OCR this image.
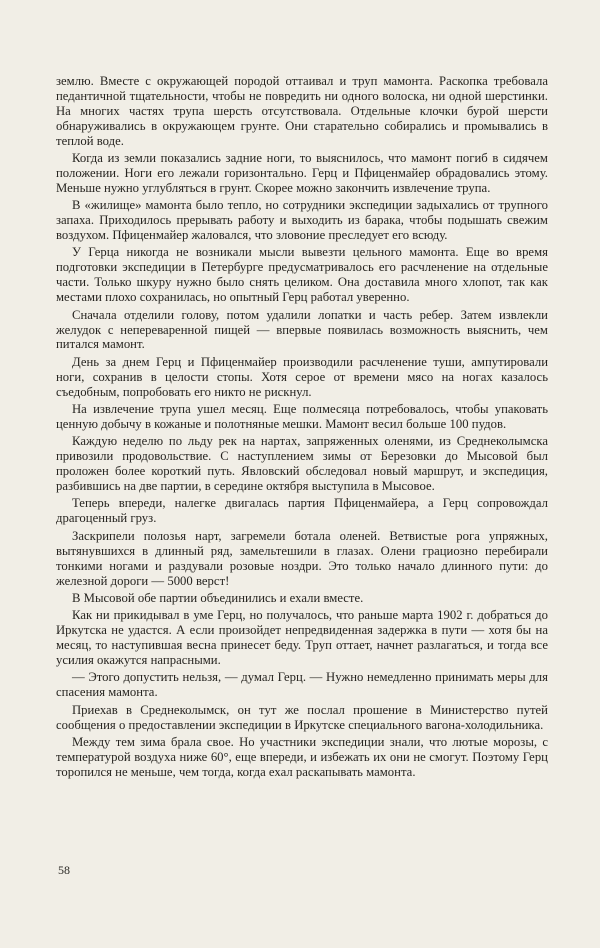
землю. Вместе с окружающей породой оттаивал и труп мамонта. Раскопка требовала педантичной тщательности, чтобы не повредить ни одного волоска, ни одной шерстинки. На многих частях трупа шерсть отсутствовала. Отдельные клочки бурой шерсти обнаруживались в окружающем грунте. Они старательно собирались и промывались в теплой воде.

Когда из земли показались задние ноги, то выяснилось, что мамонт погиб в сидячем положении. Ноги его лежали горизонтально. Герц и Пфиценмайер обрадовались этому. Меньше нужно углубляться в грунт. Скорее можно закончить извлечение трупа.

В «жилище» мамонта было тепло, но сотрудники экспедиции задыхались от трупного запаха. Приходилось прерывать работу и выходить из барака, чтобы подышать свежим воздухом. Пфиценмайер жаловался, что зловоние преследует его всюду.

У Герца никогда не возникали мысли вывезти цельного мамонта. Еще во время подготовки экспедиции в Петербурге предусматривалось его расчленение на отдельные части. Только шкуру нужно было снять целиком. Она доставила много хлопот, так как местами плохо сохранилась, но опытный Герц работал уверенно.

Сначала отделили голову, потом удалили лопатки и часть ребер. Затем извлекли желудок с непереваренной пищей — впервые появилась возможность выяснить, чем питался мамонт.

День за днем Герц и Пфиценмайер производили расчленение туши, ампутировали ноги, сохранив в целости стопы. Хотя серое от времени мясо на ногах казалось съедобным, попробовать его никто не рискнул.

На извлечение трупа ушел месяц. Еще полмесяца потребовалось, чтобы упаковать ценную добычу в кожаные и полотняные мешки. Мамонт весил больше 100 пудов.

Каждую неделю по льду рек на нартах, запряженных оленями, из Среднеколымска привозили продовольствие. С наступлением зимы от Березовки до Мысовой был проложен более короткий путь. Явловский обследовал новый маршрут, и экспедиция, разбившись на две партии, в середине октября выступила в Мысовое.

Теперь впереди, налегке двигалась партия Пфиценмайера, а Герц сопровождал драгоценный груз.

Заскрипели полозья нарт, загремели ботала оленей. Ветвистые рога упряжных, вытянувшихся в длинный ряд, замельтешили в глазах. Олени грациозно перебирали тонкими ногами и раздували розовые ноздри. Это только начало длинного пути: до железной дороги — 5000 верст!

В Мысовой обе партии объединились и ехали вместе.

Как ни прикидывал в уме Герц, но получалось, что раньше марта 1902 г. добраться до Иркутска не удастся. А если произойдет непредвиденная задержка в пути — хотя бы на месяц, то наступившая весна принесет беду. Труп оттает, начнет разлагаться, и тогда все усилия окажутся напрасными.

— Этого допустить нельзя, — думал Герц. — Нужно немедленно принимать меры для спасения мамонта.

Приехав в Среднеколымск, он тут же послал прошение в Министерство путей сообщения о предоставлении экспедиции в Иркутске специального вагона-холодильника.

Между тем зима брала свое. Но участники экспедиции знали, что лютые морозы, с температурой воздуха ниже 60°, еще впереди, и избежать их они не смогут. Поэтому Герц торопился не меньше, чем тогда, когда ехал раскапывать мамонта.

58
